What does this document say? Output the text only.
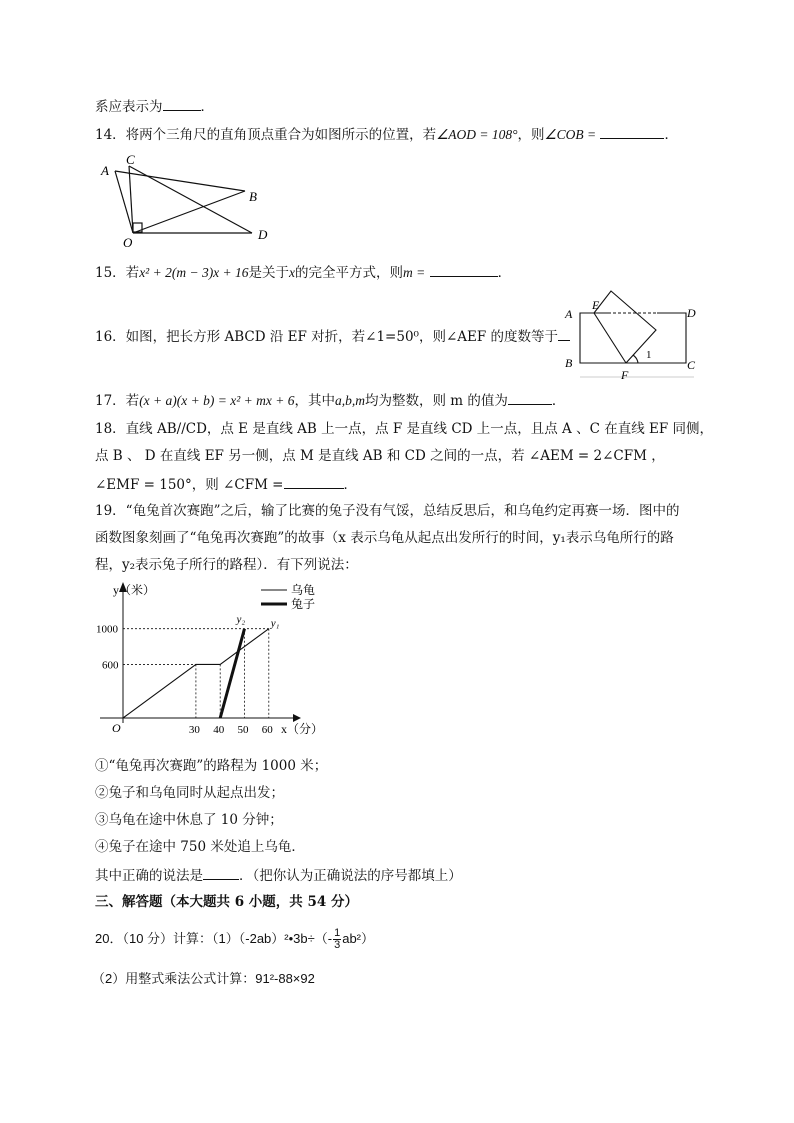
系应表示为	．
14．将两个三角尺的直角顶点重合为如图所示的位置，若∠AOD = 108°，则∠COB =	．
A
C
B
O
D
15．若x² + 2(m − 3)x + 16是关于x的完全平方式，则m =	．
16．如图，把长方形 ABCD 沿 EF 对折，若∠1=50⁰，则∠AEF 的度数等于
A
E
D
B
F
C
1
17．若(x + a)(x + b) = x² + mx + 6，其中a,b,m均为整数，则 m 的值为	．
18．直线 AB//CD，点 E 是直线 AB 上一点，点 F 是直线 CD 上一点，且点 A 、C 在直线 EF 同侧，
点 B 、 D 在直线 EF 另一侧，点 M 是直线 AB 和 CD 之间的一点，若 ∠AEM = 2∠CFM ，
∠EMF = 150°，则 ∠CFM =	．
19．“龟兔首次赛跑”之后，输了比赛的兔子没有气馁，总结反思后，和乌龟约定再赛一场．图中的
函数图象刻画了“龟兔再次赛跑”的故事（x 表示乌龟从起点出发所行的时间，y₁表示乌龟所行的路
程，y₂表示兔子所行的路程）．有下列说法：
y（米）
x（分）
O	30 40 50 60
600
1000	y₁
y₂
乌龟
兔子
①“龟兔再次赛跑”的路程为 1000 米；
②兔子和乌龟同时从起点出发；
③乌龟在途中休息了 10 分钟；
④兔子在途中 750 米处追上乌龟．
其中正确的说法是	．（把你认为正确说法的序号都填上）
三、解答题（本大题共 6 小题，共 54 分）
20．（10 分）计算：（1）（-2ab）²•3b÷（- $\frac{1}{3} ab^2$）
（2）用整式乘法公式计算：91²-88×92
